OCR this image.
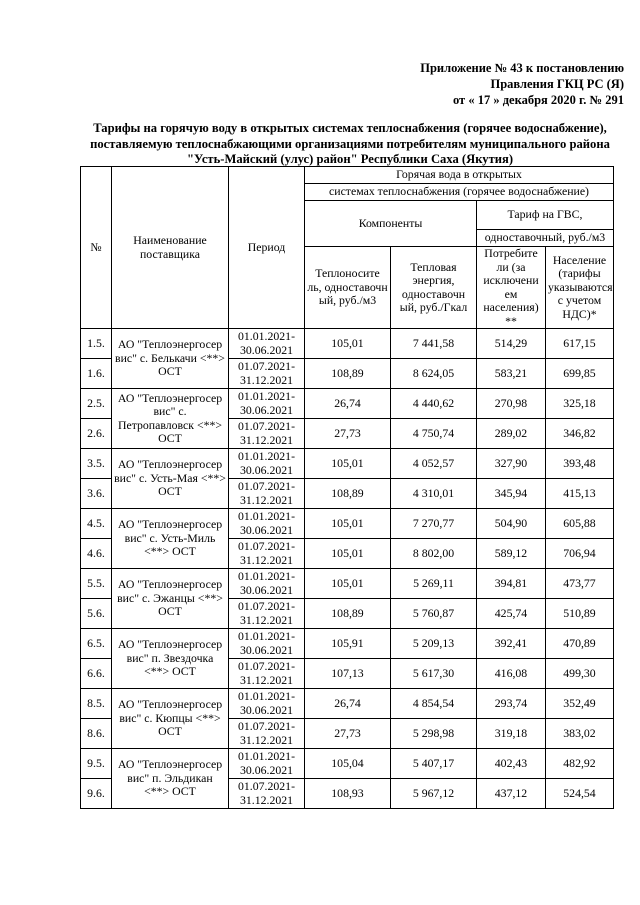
Приложение № 43 к постановлению
Правления ГКЦ РС (Я)
от « 17 » декабря 2020 г. № 291
Тарифы на горячую воду в открытых системах теплоснабжения (горячее водоснабжение),
поставляемую теплоснабжающими организациями потребителям муниципального района
"Усть-Майский (улус) район" Республики Саха (Якутия)
№	Наименование поставщика	Период	Горячая вода в открытых			
			системах теплоснабжения (горячее водоснабжение)			
			Компоненты		Тариф на ГВС,	
					одноставочный, руб./м3	
			Теплоносите ль, одноставочн ый, руб./м3	Тепловая энергия, одноставочн ый, руб./Гкал	Потребите ли (за исключени ем населения) **	Население (тарифы указываются с учетом НДС)*
1.5.	АО "Теплоэнергосер вис" с. Белькачи <**> ОСТ	01.01.2021-30.06.2021	105,01	7 441,58	514,29	617,15
1.6.		01.07.2021-31.12.2021	108,89	8 624,05	583,21	699,85
2.5.	АО "Теплоэнергосер вис" с. Петропавловск <**> ОСТ	01.01.2021-30.06.2021	26,74	4 440,62	270,98	325,18
2.6.		01.07.2021-31.12.2021	27,73	4 750,74	289,02	346,82
3.5.	АО "Теплоэнергосер вис" с. Усть-Мая <**> ОСТ	01.01.2021-30.06.2021	105,01	4 052,57	327,90	393,48
3.6.		01.07.2021-31.12.2021	108,89	4 310,01	345,94	415,13
4.5.	АО "Теплоэнергосер вис" с. Усть-Миль <**> ОСТ	01.01.2021-30.06.2021	105,01	7 270,77	504,90	605,88
4.6.		01.07.2021-31.12.2021	105,01	8 802,00	589,12	706,94
5.5.	АО "Теплоэнергосер вис" с. Эжанцы <**> ОСТ	01.01.2021-30.06.2021	105,01	5 269,11	394,81	473,77
5.6.		01.07.2021-31.12.2021	108,89	5 760,87	425,74	510,89
6.5.	АО "Теплоэнергосер вис" п. Звездочка <**> ОСТ	01.01.2021-30.06.2021	105,91	5 209,13	392,41	470,89
6.6.		01.07.2021-31.12.2021	107,13	5 617,30	416,08	499,30
8.5.	АО "Теплоэнергосер вис" с. Кюпцы <**> ОСТ	01.01.2021-30.06.2021	26,74	4 854,54	293,74	352,49
8.6.		01.07.2021-31.12.2021	27,73	5 298,98	319,18	383,02
9.5.	АО "Теплоэнергосер вис" п. Эльдикан <**> ОСТ	01.01.2021-30.06.2021	105,04	5 407,17	402,43	482,92
9.6.		01.07.2021-31.12.2021	108,93	5 967,12	437,12	524,54
